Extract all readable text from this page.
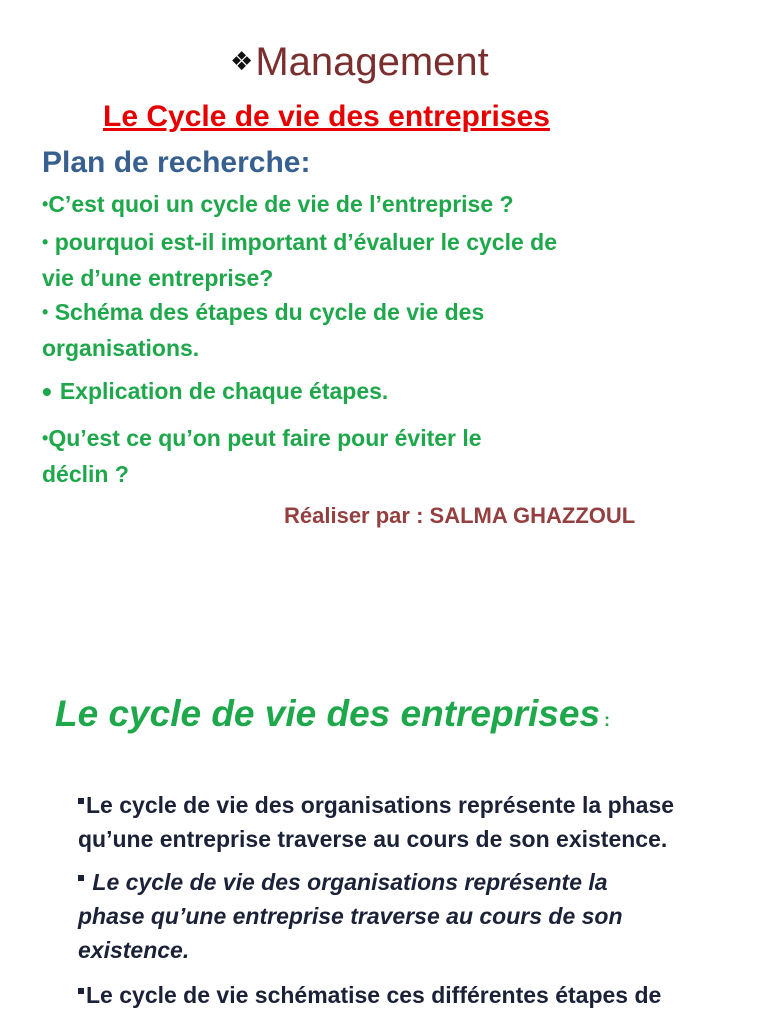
❖Management
Le Cycle de vie des entreprises
Plan de recherche:
•C’est quoi un cycle de vie de l’entreprise ?
• pourquoi est-il important d’évaluer le cycle de
vie d’une entreprise?
• Schéma des étapes du cycle de vie des
organisations.
• Explication de chaque étapes.
•Qu’est ce qu’on peut faire pour éviter le
déclin ?
Réaliser par : SALMA GHAZZOUL
Le cycle de vie des entreprises :
Le cycle de vie des organisations représente la phase
qu’une entreprise traverse au cours de son existence.
Le cycle de vie des organisations représente la
phase qu’une entreprise traverse au cours de son
existence.
Le cycle de vie schématise ces différentes étapes de
